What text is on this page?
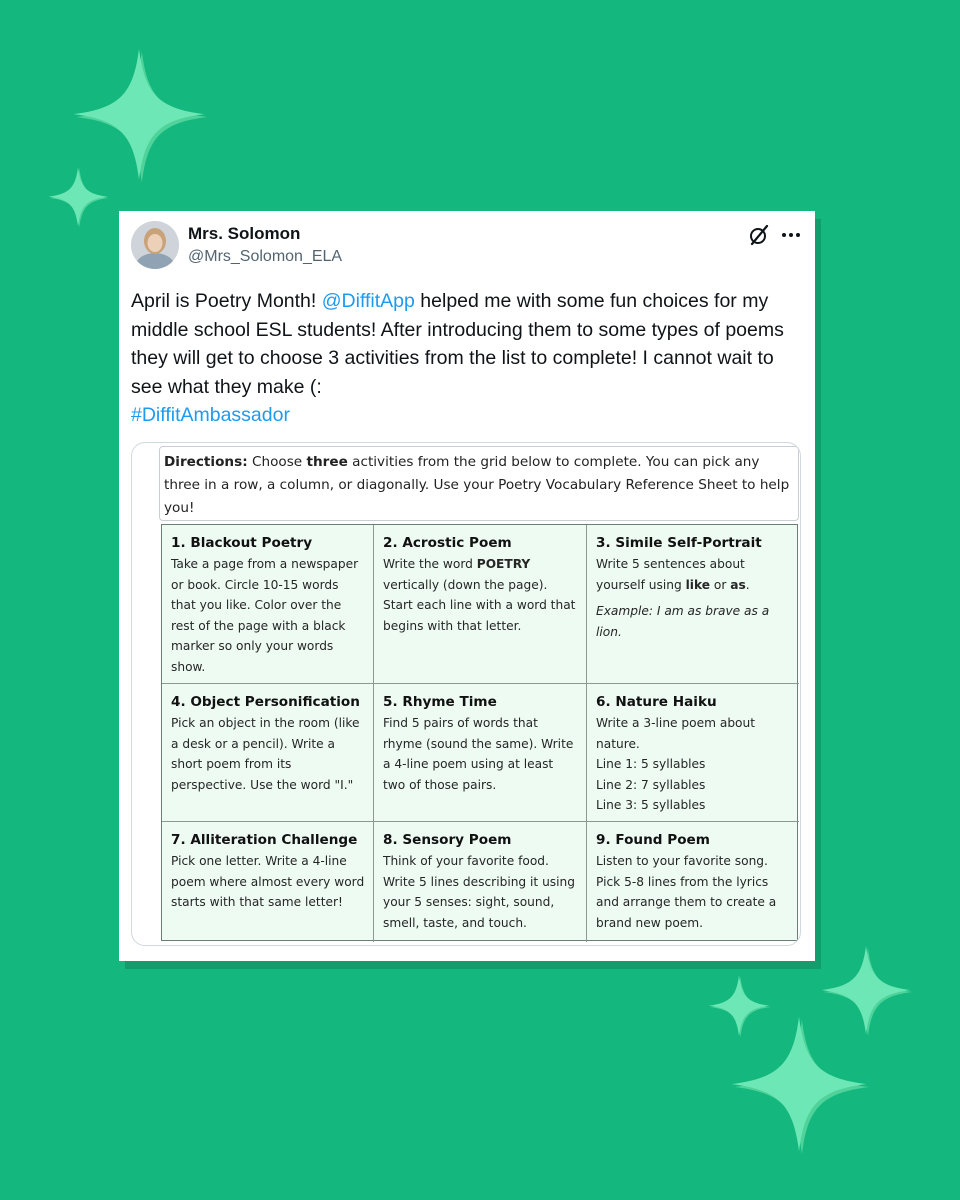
Mrs. Solomon
@Mrs_Solomon_ELA

April is Poetry Month! @DiffitApp helped me with some fun choices for my middle school ESL students! After introducing them to some types of poems they will get to choose 3 activities from the list to complete! I cannot wait to see what they make (:

#DiffitAmbassador

Directions: Choose three activities from the grid below to complete. You can pick any three in a row, a column, or diagonally. Use your Poetry Vocabulary Reference Sheet to help you!
1. Blackout Poetry
Take a page from a newspaper or book. Circle 10-15 words that you like. Color over the rest of the page with a black marker so only your words show.
2. Acrostic Poem
Write the word POETRY vertically (down the page). Start each line with a word that begins with that letter.
3. Simile Self-Portrait
Write 5 sentences about yourself using like or as.
Example: I am as brave as a lion.
4. Object Personification
Pick an object in the room (like a desk or a pencil). Write a short poem from its perspective. Use the word "I."
5. Rhyme Time
Find 5 pairs of words that rhyme (sound the same). Write a 4-line poem using at least two of those pairs.
6. Nature Haiku
Write a 3-line poem about nature.
Line 1: 5 syllables
Line 2: 7 syllables
Line 3: 5 syllables
7. Alliteration Challenge
Pick one letter. Write a 4-line poem where almost every word starts with that same letter!
8. Sensory Poem
Think of your favorite food. Write 5 lines describing it using your 5 senses: sight, sound, smell, taste, and touch.
9. Found Poem
Listen to your favorite song. Pick 5-8 lines from the lyrics and arrange them to create a brand new poem.
